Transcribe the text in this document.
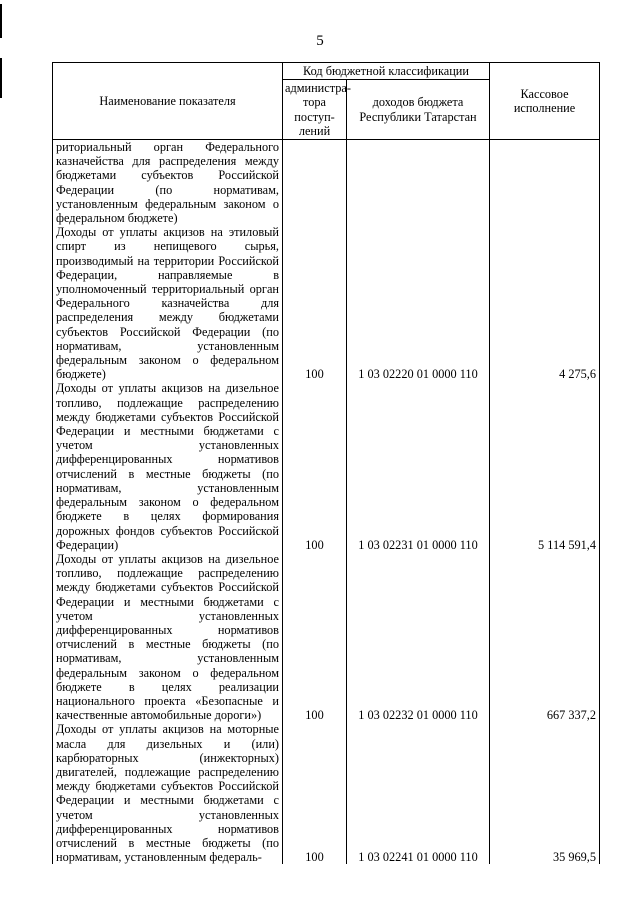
5
Наименование показателя	Код бюджетной классификации		Кассовое исполнение
	администра-тора поступ-лений	доходов бюджета Республики Татарстан	
риториальный орган Федерального казначейства для распределения между бюджетами субъектов Российской Федерации (по нормативам, установленным федеральным законом о федеральном бюджете)			
Доходы от уплаты акцизов на этиловый спирт из непищевого сырья, производимый на территории Российской Федерации, направляемые в уполномоченный территориальный орган Федерального казначейства для распределения между бюджетами субъектов Российской Федерации (по нормативам, установленным федеральным законом о федеральном бюджете)	100	1 03 02220 01 0000 110	4 275,6
Доходы от уплаты акцизов на дизельное топливо, подлежащие распределению между бюджетами субъектов Российской Федерации и местными бюджетами с учетом установленных дифференцированных нормативов отчислений в местные бюджеты (по нормативам, установленным федеральным законом о федеральном бюджете в целях формирования дорожных фондов субъектов Российской Федерации)	100	1 03 02231 01 0000 110	5 114 591,4
Доходы от уплаты акцизов на дизельное топливо, подлежащие распределению между бюджетами субъектов Российской Федерации и местными бюджетами с учетом установленных дифференцированных нормативов отчислений в местные бюджеты (по нормативам, установленным федеральным законом о федеральном бюджете в целях реализации национального проекта «Безопасные и качественные автомобильные дороги»)	100	1 03 02232 01 0000 110	667 337,2
Доходы от уплаты акцизов на моторные масла для дизельных и (или) карбюраторных (инжекторных) двигателей, подлежащие распределению между бюджетами субъектов Российской Федерации и местными бюджетами с учетом установленных дифференцированных нормативов отчислений в местные бюджеты (по нормативам, установленным федераль-	100	1 03 02241 01 0000 110	35 969,5
